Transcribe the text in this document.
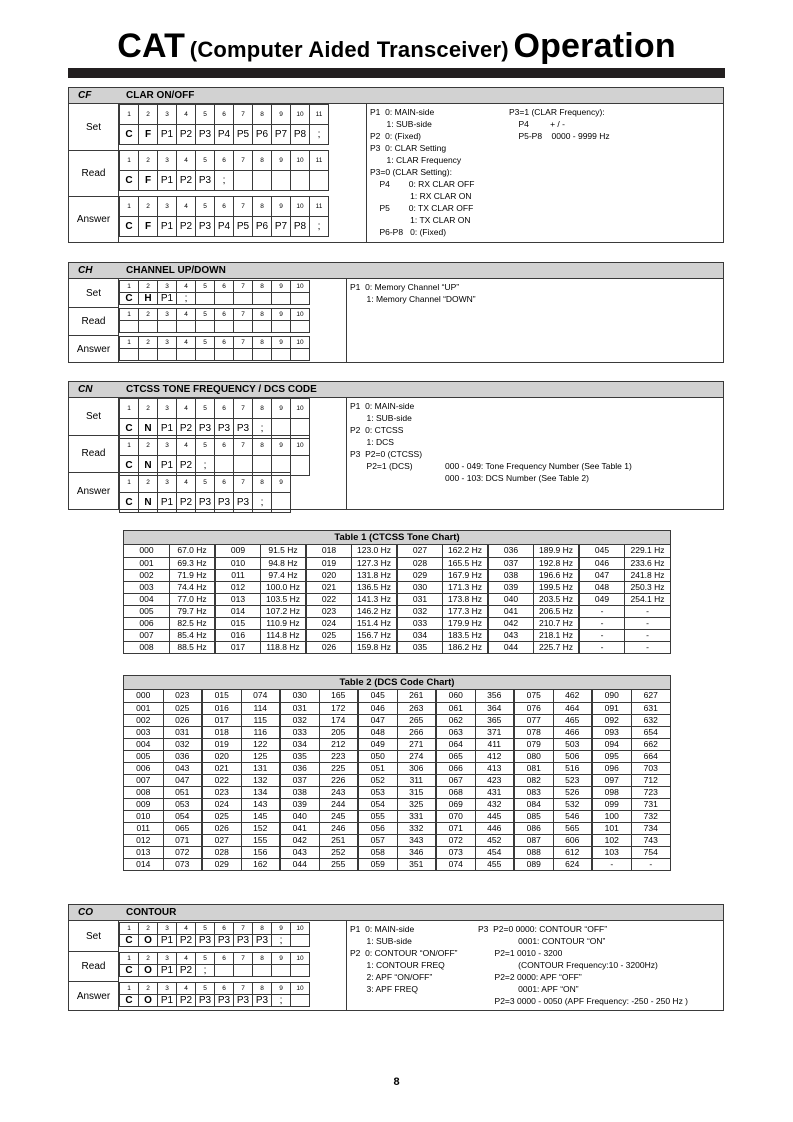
CAT (Computer Aided Transceiver) Operation
CF	CLAR ON/OFF
Set
Read
Answer
1	2	3	4	5	6	7	8	9	10	11
C	F	P1	P2	P3	P4	P5	P6	P7	P8	;
1	2	3	4	5	6	7	8	9	10	11
C	F	P1	P2	P3	;					
1	2	3	4	5	6	7	8	9	10	11
C	F	P1	P2	P3	P4	P5	P6	P7	P8	;
P1  0: MAIN-side
1: SUB-side
P2  0: (Fixed)
P3  0: CLAR Setting
1: CLAR Frequency
P3=0 (CLAR Setting):
P4        0: RX CLAR OFF
1: RX CLAR ON
P5        0: TX CLAR OFF
1: TX CLAR ON
P6-P8   0: (Fixed)
P3=1 (CLAR Frequency):
P4         + / -
P5-P8    0000 - 9999 Hz
CH	CHANNEL UP/DOWN
Set
Read
Answer
1	2	3	4	5	6	7	8	9	10
C	H	P1	;						
1	2	3	4	5	6	7	8	9	10

1	2	3	4	5	6	7	8	9	10

P1  0: Memory Channel “UP”
1: Memory Channel “DOWN”
CN	CTCSS TONE FREQUENCY / DCS CODE
Set
Read
Answer
1	2	3	4	5	6	7	8	9	10
C	N	P1	P2	P3	P3	P3	;		
1	2	3	4	5	6	7	8	9	10
C	N	P1	P2	;					
1	2	3	4	5	6	7	8	9
C	N	P1	P2	P3	P3	P3	;	
P1  0: MAIN-side
1: SUB-side
P2  0: CTCSS
1: DCS
P3  P2=0 (CTCSS)
P2=1 (DCS)	000 - 049: Tone Frequency Number (See Table 1)
000 - 103: DCS Number (See Table 2)
Table 1 (CTCSS Tone Chart)
000	67.0 Hz	009	91.5 Hz	018	123.0 Hz	027	162.2 Hz	036	189.9 Hz	045	229.1 Hz
001	69.3 Hz	010	94.8 Hz	019	127.3 Hz	028	165.5 Hz	037	192.8 Hz	046	233.6 Hz
002	71.9 Hz	011	97.4 Hz	020	131.8 Hz	029	167.9 Hz	038	196.6 Hz	047	241.8 Hz
003	74.4 Hz	012	100.0 Hz	021	136.5 Hz	030	171.3 Hz	039	199.5 Hz	048	250.3 Hz
004	77.0 Hz	013	103.5 Hz	022	141.3 Hz	031	173.8 Hz	040	203.5 Hz	049	254.1 Hz
005	79.7 Hz	014	107.2 Hz	023	146.2 Hz	032	177.3 Hz	041	206.5 Hz	-	-
006	82.5 Hz	015	110.9 Hz	024	151.4 Hz	033	179.9 Hz	042	210.7 Hz	-	-
007	85.4 Hz	016	114.8 Hz	025	156.7 Hz	034	183.5 Hz	043	218.1 Hz	-	-
008	88.5 Hz	017	118.8 Hz	026	159.8 Hz	035	186.2 Hz	044	225.7 Hz	-	-
Table 2 (DCS Code Chart)
000	023	015	074	030	165	045	261	060	356	075	462	090	627
001	025	016	114	031	172	046	263	061	364	076	464	091	631
002	026	017	115	032	174	047	265	062	365	077	465	092	632
003	031	018	116	033	205	048	266	063	371	078	466	093	654
004	032	019	122	034	212	049	271	064	411	079	503	094	662
005	036	020	125	035	223	050	274	065	412	080	506	095	664
006	043	021	131	036	225	051	306	066	413	081	516	096	703
007	047	022	132	037	226	052	311	067	423	082	523	097	712
008	051	023	134	038	243	053	315	068	431	083	526	098	723
009	053	024	143	039	244	054	325	069	432	084	532	099	731
010	054	025	145	040	245	055	331	070	445	085	546	100	732
011	065	026	152	041	246	056	332	071	446	086	565	101	734
012	071	027	155	042	251	057	343	072	452	087	606	102	743
013	072	028	156	043	252	058	346	073	454	088	612	103	754
014	073	029	162	044	255	059	351	074	455	089	624	-	-
CO	CONTOUR
Set
Read
Answer
1	2	3	4	5	6	7	8	9	10
C	O	P1	P2	P3	P3	P3	P3	;	
1	2	3	4	5	6	7	8	9	10
C	O	P1	P2	;					
1	2	3	4	5	6	7	8	9	10
C	O	P1	P2	P3	P3	P3	P3	;	
P1  0: MAIN-side
1: SUB-side
P2  0: CONTOUR “ON/OFF”
1: CONTOUR FREQ
2: APF “ON/OFF”
3: APF FREQ
P3  P2=0 0000: CONTOUR “OFF”
0001: CONTOUR “ON”
P2=1 0010 - 3200
(CONTOUR Frequency:10 - 3200Hz)
P2=2 0000: APF “OFF”
0001: APF “ON”
P2=3 0000 - 0050 (APF Frequency: -250 - 250 Hz )
8
